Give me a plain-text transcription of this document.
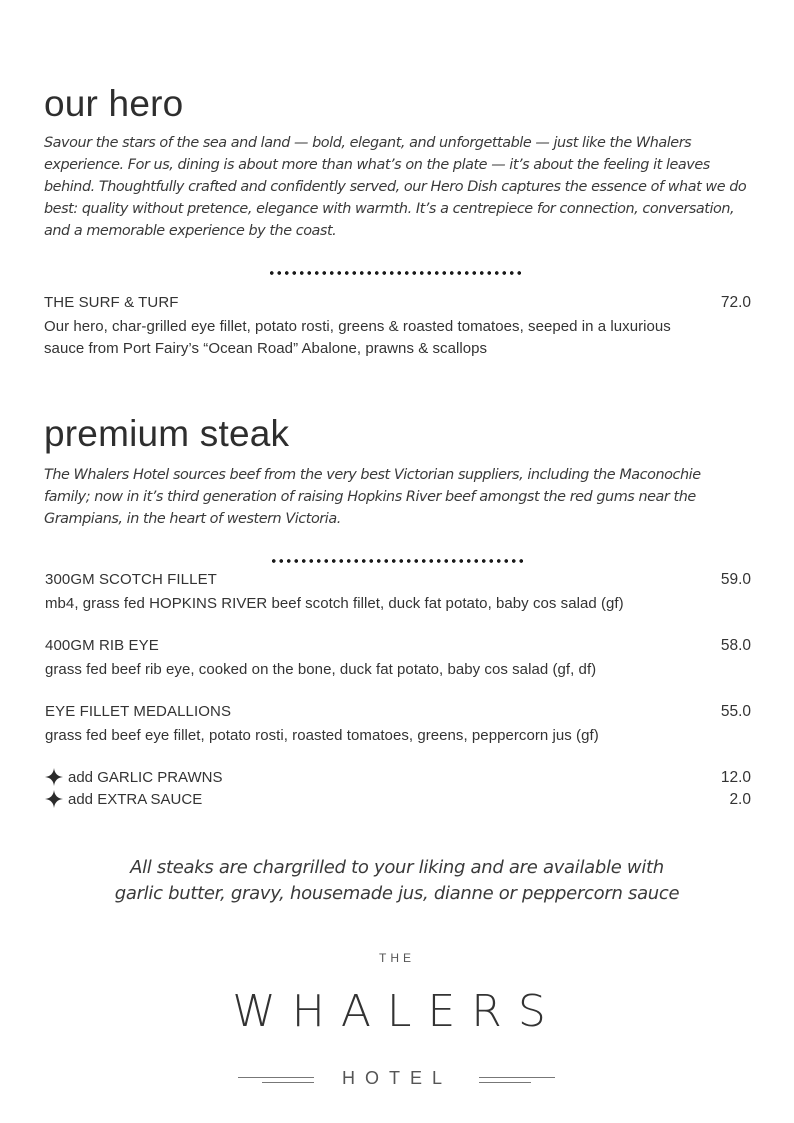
our hero
Savour the stars of the sea and land — bold, elegant, and unforgettable — just like the Whalers experience. For us, dining is about more than what’s on the plate — it’s about the feeling it leaves behind. Thoughtfully crafted and confidently served, our Hero Dish captures the essence of what we do best: quality without pretence, elegance with warmth. It’s a centrepiece for connection, conversation, and a memorable experience by the coast.
THE SURF & TURF	72.0
Our hero, char-grilled eye fillet, potato rosti, greens & roasted tomatoes, seeped in a luxurious sauce from Port Fairy’s “Ocean Road” Abalone, prawns & scallops
premium steak
The Whalers Hotel sources beef from the very best Victorian suppliers, including the Maconochie family; now in it’s third generation of raising Hopkins River beef amongst the red gums near the Grampians, in the heart of western Victoria.
300GM SCOTCH FILLET	59.0
mb4, grass fed HOPKINS RIVER beef scotch fillet, duck fat potato, baby cos salad (gf)
400GM RIB EYE	58.0
grass fed beef rib eye, cooked on the bone, duck fat potato, baby cos salad (gf, df)
EYE FILLET MEDALLIONS	55.0
grass fed beef eye fillet, potato rosti, roasted tomatoes, greens, peppercorn jus (gf)
add GARLIC PRAWNS	12.0
add EXTRA SAUCE	2.0
All steaks are chargrilled to your liking and are available with
garlic butter, gravy, housemade jus, dianne or peppercorn sauce
THE
WHALERS
HOTEL
